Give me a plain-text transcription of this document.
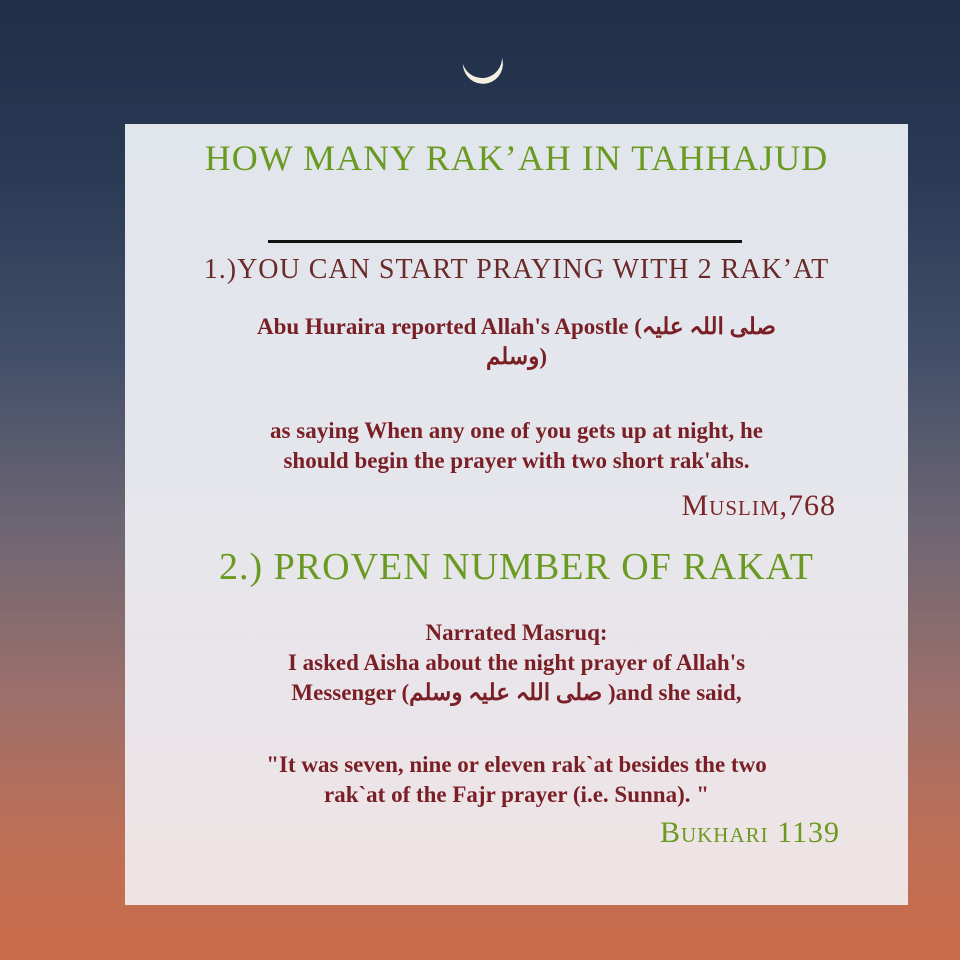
HOW MANY RAK’AH IN TAHHAJUD
1.)YOU CAN START PRAYING WITH 2 RAK’AT
Abu Huraira reported Allah's Apostle (صلی اللہ علیہ
وسلم)
as saying When any one of you gets up at night, he
should begin the prayer with two short rak'ahs.
Muslim,768
2.) PROVEN NUMBER OF RAKAT
Narrated Masruq:
I asked Aisha about the night prayer of Allah's
Messenger (صلی اللہ علیہ وسلم )and she said,
"It was seven, nine or eleven rak`at besides the two
rak`at of the Fajr prayer (i.e. Sunna). "
Bukhari 1139
